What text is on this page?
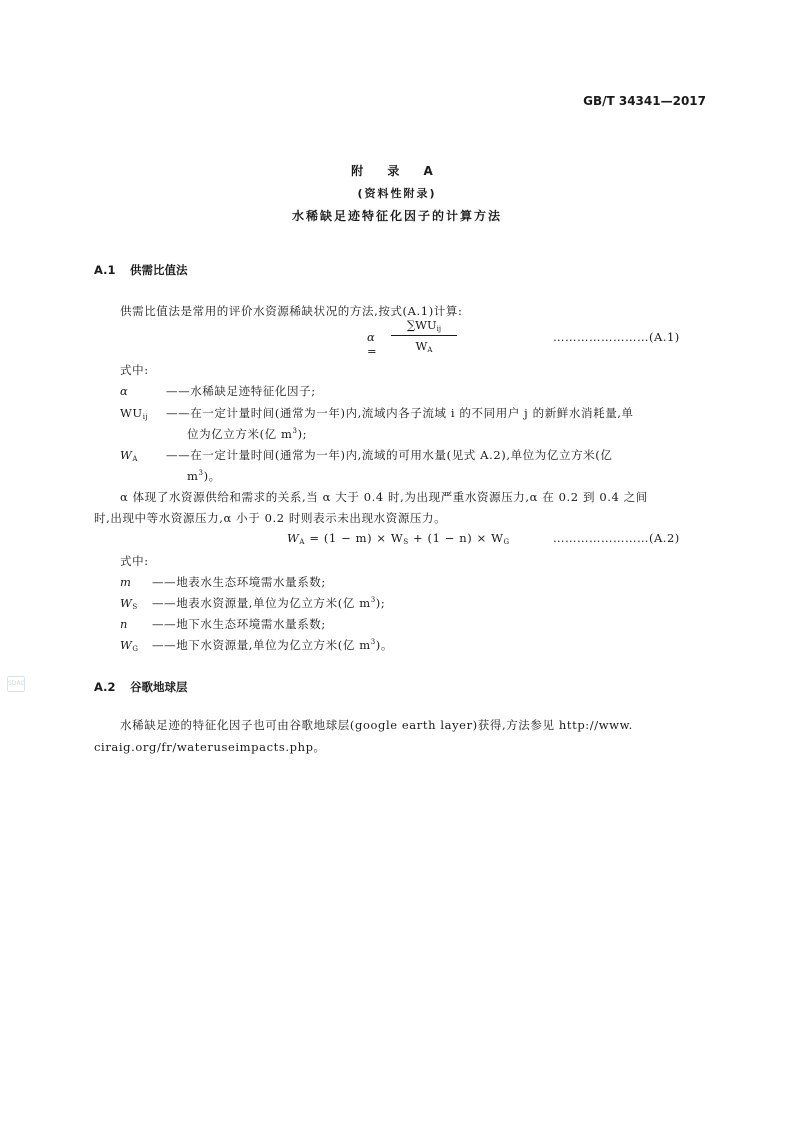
GB/T 34341—2017
附 录 A
(资料性附录)
水稀缺足迹特征化因子的计算方法
A.1 供需比值法
供需比值法是常用的评价水资源稀缺状况的方法,按式(A.1)计算:
α =
$\sum WU_{ij}$
$W_A$
……………………(A.1)
式中:
α	——水稀缺足迹特征化因子;
$WU_{ij}$ ——在一定计量时间(通常为一年)内,流域内各子流域 i 的不同用户 j 的新鲜水消耗量,单
位为亿立方米(亿 $m^3$);
$W_A$ ——在一定计量时间(通常为一年)内,流域的可用水量(见式 A.2),单位为亿立方米(亿
$m^3$)。
α 体现了水资源供给和需求的关系,当 α 大于 0.4 时,为出现严重水资源压力,α 在 0.2 到 0.4 之间
时,出现中等水资源压力,α 小于 0.2 时则表示未出现水资源压力。
$W_A = (1 - m) \times W_S + (1 - n) \times W_G$	……………………(A.2)
式中:
m ——地表水生态环境需水量系数;
$W_S$ ——地表水资源量,单位为亿立方米(亿 $m^3$);
n ——地下水生态环境需水量系数;
$W_G$ ——地下水资源量,单位为亿立方米(亿 $m^3$)。
A.2 谷歌地球层
水稀缺足迹的特征化因子也可由谷歌地球层(google earth layer)获得,方法参见 http://www.
ciraig.org/fr/wateruseimpacts.php。
SDAC
